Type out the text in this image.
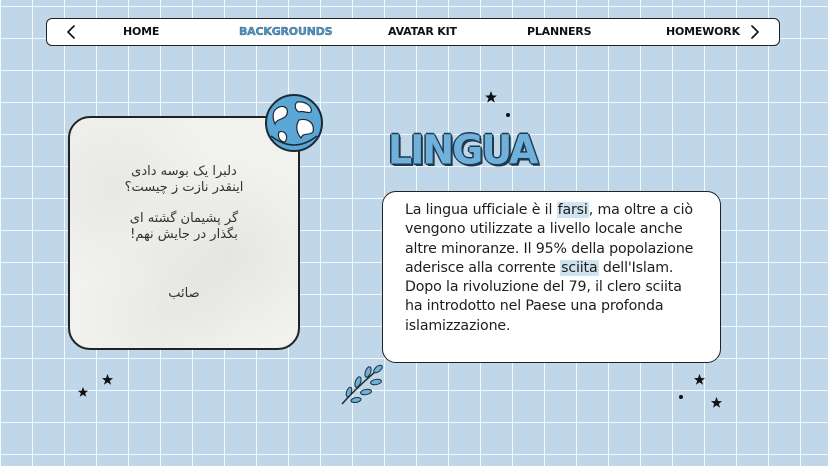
HOME	BACKGROUNDS	AVATAR KIT	PLANNERS	HOMEWORK

دلبرا یک بوسه دادی
اینقدر نازت ز چیست؟

گر پشیمان گشته ای
بگذار در جایش نهم!

صائب
LINGUA

La lingua ufficiale è il farsi, ma oltre a ciò vengono utilizzate a livello locale anche altre minoranze. Il 95% della popolazione aderisce alla corrente sciita dell'Islam. Dopo la rivoluzione del 79, il clero sciita ha introdotto nel Paese una profonda islamizzazione.
